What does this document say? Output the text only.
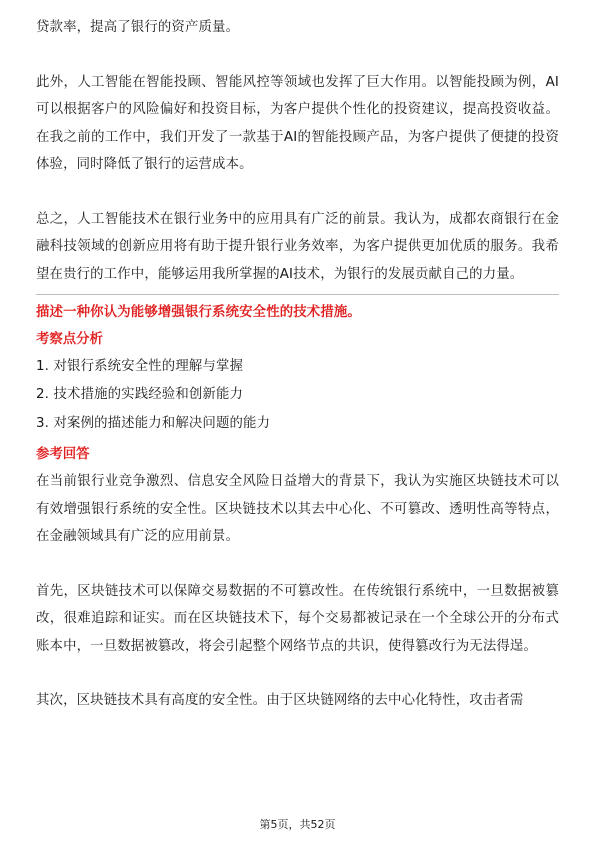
贷款率，提高了银行的资产质量。

此外，人工智能在智能投顾、智能风控等领域也发挥了巨大作用。以智能投顾为例，AI可以根据客户的风险偏好和投资目标，为客户提供个性化的投资建议，提高投资收益。在我之前的工作中，我们开发了一款基于AI的智能投顾产品，为客户提供了便捷的投资体验，同时降低了银行的运营成本。

总之，人工智能技术在银行业务中的应用具有广泛的前景。我认为，成都农商银行在金融科技领域的创新应用将有助于提升银行业务效率，为客户提供更加优质的服务。我希望在贵行的工作中，能够运用我所掌握的AI技术，为银行的发展贡献自己的力量。

描述一种你认为能够增强银行系统安全性的技术措施。

考察点分析

1. 对银行系统安全性的理解与掌握

2. 技术措施的实践经验和创新能力

3. 对案例的描述能力和解决问题的能力

参考回答

在当前银行业竞争激烈、信息安全风险日益增大的背景下，我认为实施区块链技术可以有效增强银行系统的安全性。区块链技术以其去中心化、不可篡改、透明性高等特点，在金融领域具有广泛的应用前景。

首先，区块链技术可以保障交易数据的不可篡改性。在传统银行系统中，一旦数据被篡改，很难追踪和证实。而在区块链技术下，每个交易都被记录在一个全球公开的分布式账本中，一旦数据被篡改，将会引起整个网络节点的共识，使得篡改行为无法得逞。

其次，区块链技术具有高度的安全性。由于区块链网络的去中心化特性，攻击者需

第5页，共52页
